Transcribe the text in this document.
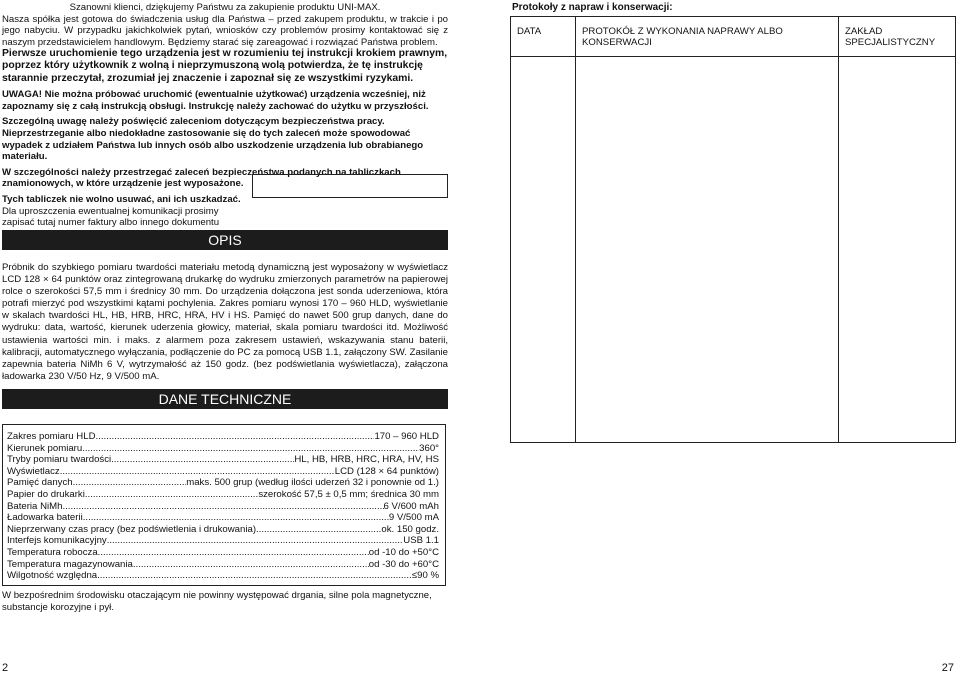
Szanowni klienci, dziękujemy Państwu za zakupienie produktu UNI-MAX.

Nasza spółka jest gotowa do świadczenia usług dla Państwa – przed zakupem produktu, w trakcie i po jego nabyciu. W przypadku jakichkolwiek pytań, wniosków czy problemów prosimy kontaktować się z naszym przedstawicielem handlowym. Będziemy starać się zareagować i rozwiązać Państwa problem.

Pierwsze uruchomienie tego urządzenia jest w rozumieniu tej instrukcji krokiem prawnym, poprzez który użytkownik z wolną i nieprzymuszoną wolą potwierdza, że tę instrukcję starannie przeczytał, zrozumiał jej znaczenie i zapoznał się ze wszystkimi ryzykami.

UWAGA! Nie można próbować uruchomić (ewentualnie użytkować) urządzenia wcześniej, niż zapoznamy się z całą instrukcją obsługi. Instrukcję należy zachować do użytku w przyszłości.

Szczególną uwagę należy poświęcić zaleceniom dotyczącym bezpieczeństwa pracy. Nieprzestrzeganie albo niedokładne zastosowanie się do tych zaleceń może spowodować wypadek z udziałem Państwa lub innych osób albo uszkodzenie urządzenia lub obrabianego materiału.

W szczególności należy przestrzegać zaleceń bezpieczeństwa podanych na tabliczkach znamionowych, w które urządzenie jest wyposażone.

Tych tabliczek nie wolno usuwać, ani ich uszkadzać.

Dla uproszczenia ewentualnej komunikacji prosimy zapisać tutaj numer faktury albo innego dokumentu

OPIS
Próbnik do szybkiego pomiaru twardości materiału metodą dynamiczną jest wyposażony w wyświetlacz LCD 128 × 64 punktów oraz zintegrowaną drukarkę do wydruku zmierzonych parametrów na papierowej rolce o szerokości 57,5 mm i średnicy 30 mm. Do urządzenia dołączona jest sonda uderzeniowa, która potrafi mierzyć pod wszystkimi kątami pochylenia. Zakres pomiaru wynosi 170 – 960 HLD, wyświetlanie w skalach twardości HL, HB, HRB, HRC, HRA, HV i HS. Pamięć do nawet 500 grup danych, dane do wydruku: data, wartość, kierunek uderzenia głowicy, materiał, skala pomiaru twardości itd. Możliwość ustawienia wartości min. i maks. z alarmem poza zakresem ustawień, wskazywania stanu baterii, kalibracji, automatycznego wyłączania, podłączenie do PC za pomocą USB 1.1, załączony SW. Zasilanie zapewnia bateria NiMh 6 V, wytrzymałość aż 150 godz. (bez podświetlania wyświetlacza), załączona ładowarka 230 V/50 Hz, 9 V/500 mA.
DANE TECHNICZNE
Zakres pomiaru HLD .....	170 – 960 HLD
Kierunek pomiaru .....	360°
Tryby pomiaru twardości .....	HL, HB, HRB, HRC, HRA, HV, HS
Wyświetlacz .....	LCD (128 × 64 punktów)
Pamięć danych .....	maks. 500 grup (według ilości uderzeń 32 i ponownie od 1.)
Papier do drukarki .....	szerokość 57,5 ± 0,5 mm; średnica 30 mm
Bateria NiMh .....	6 V/600 mAh
Ładowarka baterii .....	9 V/500 mA
Nieprzerwany czas pracy (bez podświetlenia i drukowania) .....	ok. 150 godz.
Interfejs komunikacyjny .....	USB 1.1
Temperatura robocza .....	od -10 do +50°C
Temperatura magazynowania .....	od -30 do +60°C
Wilgotność względna .....	≤90 %
W bezpośrednim środowisku otaczającym nie powinny występować drgania, silne pola magnetyczne, substancje korozyjne i pył.
2	27
Protokoły z napraw i konserwacji:
DATA	PROTOKÓŁ Z WYKONANIA NAPRAWY ALBO KONSERWACJI	ZAKŁAD SPECJALISTYCZNY
